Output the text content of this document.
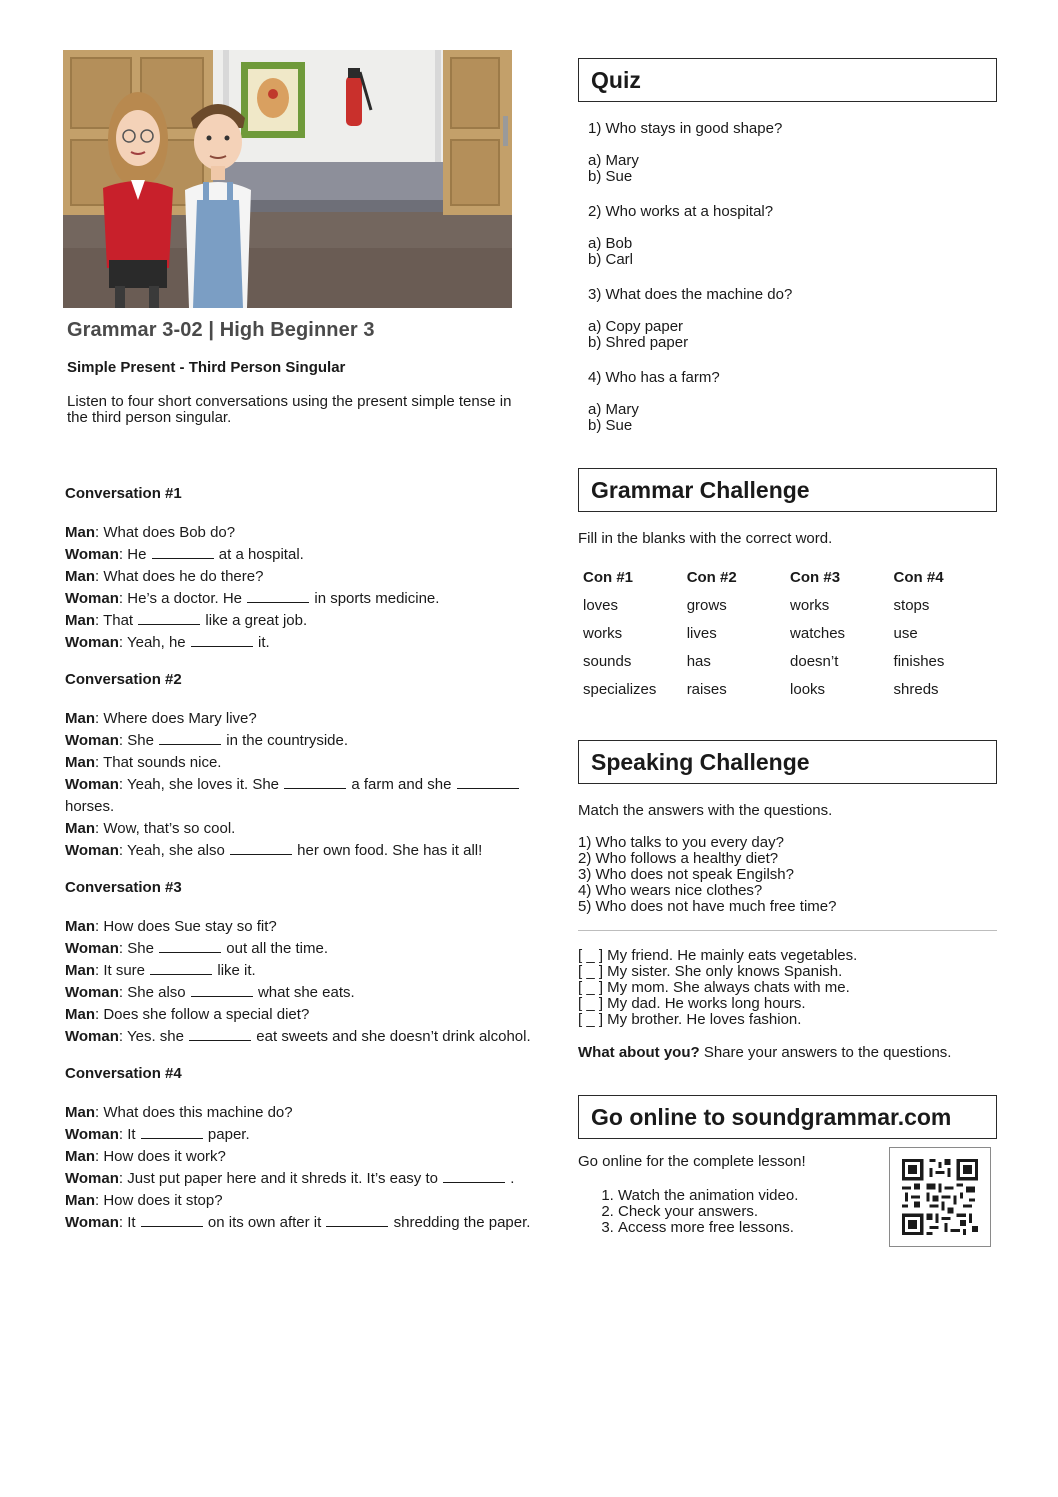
Grammar 3-02 | High Beginner 3
Simple Present - Third Person Singular
Listen to four short conversations using the present simple tense in the third person singular.
Conversation #1
Man: What does Bob do?
Woman: He	at a hospital.
Man: What does he do there?
Woman: He’s a doctor. He	in sports medicine.
Man: That	like a great job.
Woman: Yeah, he	it.
Conversation #2
Man: Where does Mary live?
Woman: She	in the countryside.
Man: That sounds nice.
Woman: Yeah, she loves it. She	a farm and she  horses.
Man: Wow, that’s so cool.
Woman: Yeah, she also	her own food. She has it all!
Conversation #3
Man: How does Sue stay so fit?
Woman: She	out all the time.
Man: It sure	like it.
Woman: She also	what she eats.
Man: Does she follow a special diet?
Woman: Yes. she	eat sweets and she doesn’t drink alcohol.
Conversation #4
Man: What does this machine do?
Woman: It	paper.
Man: How does it work?
Woman: Just put paper here and it shreds it. It’s easy to	.
Man: How does it stop?
Woman: It	on its own after it	shredding the paper.
Quiz
1) Who stays in good shape?
a) Mary
b) Sue
2) Who works at a hospital?
a) Bob
b) Carl
3) What does the machine do?
a) Copy paper
b) Shred paper
4) Who has a farm?
a) Mary
b) Sue
Grammar Challenge
Fill in the blanks with the correct word.
Con #1	Con #2	Con #3	Con #4
loves	grows	works	stops
works	lives	watches	use
sounds	has	doesn’t	finishes
specializes	raises	looks	shreds
Speaking Challenge
Match the answers with the questions.
1) Who talks to you every day?
2) Who follows a healthy diet?
3) Who does not speak Engilsh?
4) Who wears nice clothes?
5) Who does not have much free time?
[ _ ] My friend. He mainly eats vegetables.
[ _ ] My sister. She only knows Spanish.
[ _ ] My mom. She always chats with me.
[ _ ] My dad. He works long hours.
[ _ ] My brother. He loves fashion.
What about you? Share your answers to the questions.
Go online to soundgrammar.com
Go online for the complete lesson!
1. Watch the animation video.
2. Check your answers.
3. Access more free lessons.
